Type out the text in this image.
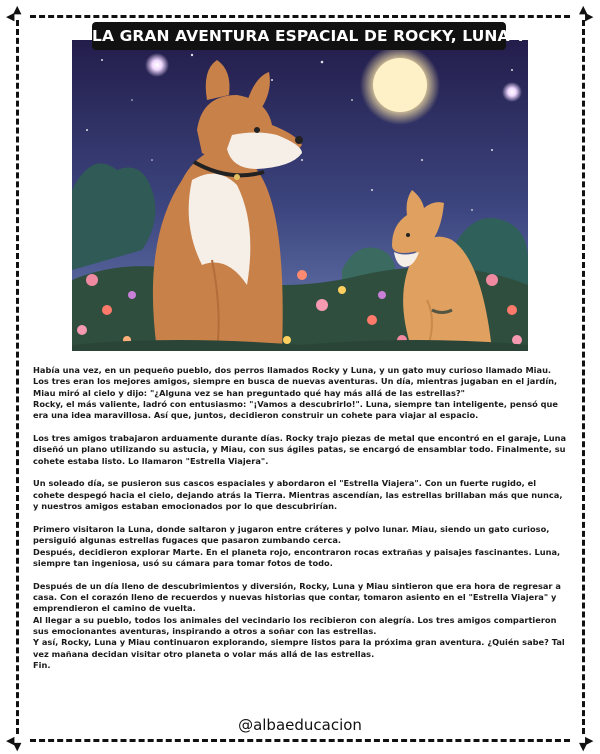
◀	▶
◀	▶
▲	▲
▼	▼
LA GRAN AVENTURA ESPACIAL DE ROCKY, LUNA Y MIAU

Había una vez, en un pequeño pueblo, dos perros llamados Rocky y Luna, y un gato muy curioso llamado Miau. Los tres eran los mejores amigos, siempre en busca de nuevas aventuras. Un día, mientras jugaban en el jardín, Miau miró al cielo y dijo: "¿Alguna vez se han preguntado qué hay más allá de las estrellas?"

Rocky, el más valiente, ladró con entusiasmo: "¡Vamos a descubrirlo!". Luna, siempre tan inteligente, pensó que era una idea maravillosa. Así que, juntos, decidieron construir un cohete para viajar al espacio.

Los tres amigos trabajaron arduamente durante días. Rocky trajo piezas de metal que encontró en el garaje, Luna diseñó un plano utilizando su astucia, y Miau, con sus ágiles patas, se encargó de ensamblar todo. Finalmente, su cohete estaba listo. Lo llamaron "Estrella Viajera".

Un soleado día, se pusieron sus cascos espaciales y abordaron el "Estrella Viajera". Con un fuerte rugido, el cohete despegó hacia el cielo, dejando atrás la Tierra. Mientras ascendían, las estrellas brillaban más que nunca, y nuestros amigos estaban emocionados por lo que descubrirían.

Primero visitaron la Luna, donde saltaron y jugaron entre cráteres y polvo lunar. Miau, siendo un gato curioso, persiguió algunas estrellas fugaces que pasaron zumbando cerca.

Después, decidieron explorar Marte. En el planeta rojo, encontraron rocas extrañas y paisajes fascinantes. Luna, siempre tan ingeniosa, usó su cámara para tomar fotos de todo.

Después de un día lleno de descubrimientos y diversión, Rocky, Luna y Miau sintieron que era hora de regresar a casa. Con el corazón lleno de recuerdos y nuevas historias que contar, tomaron asiento en el "Estrella Viajera" y emprendieron el camino de vuelta.

Al llegar a su pueblo, todos los animales del vecindario los recibieron con alegría. Los tres amigos compartieron sus emocionantes aventuras, inspirando a otros a soñar con las estrellas.

Y así, Rocky, Luna y Miau continuaron explorando, siempre listos para la próxima gran aventura. ¿Quién sabe? Tal vez mañana decidan visitar otro planeta o volar más allá de las estrellas.

Fin.

@albaeducacion
